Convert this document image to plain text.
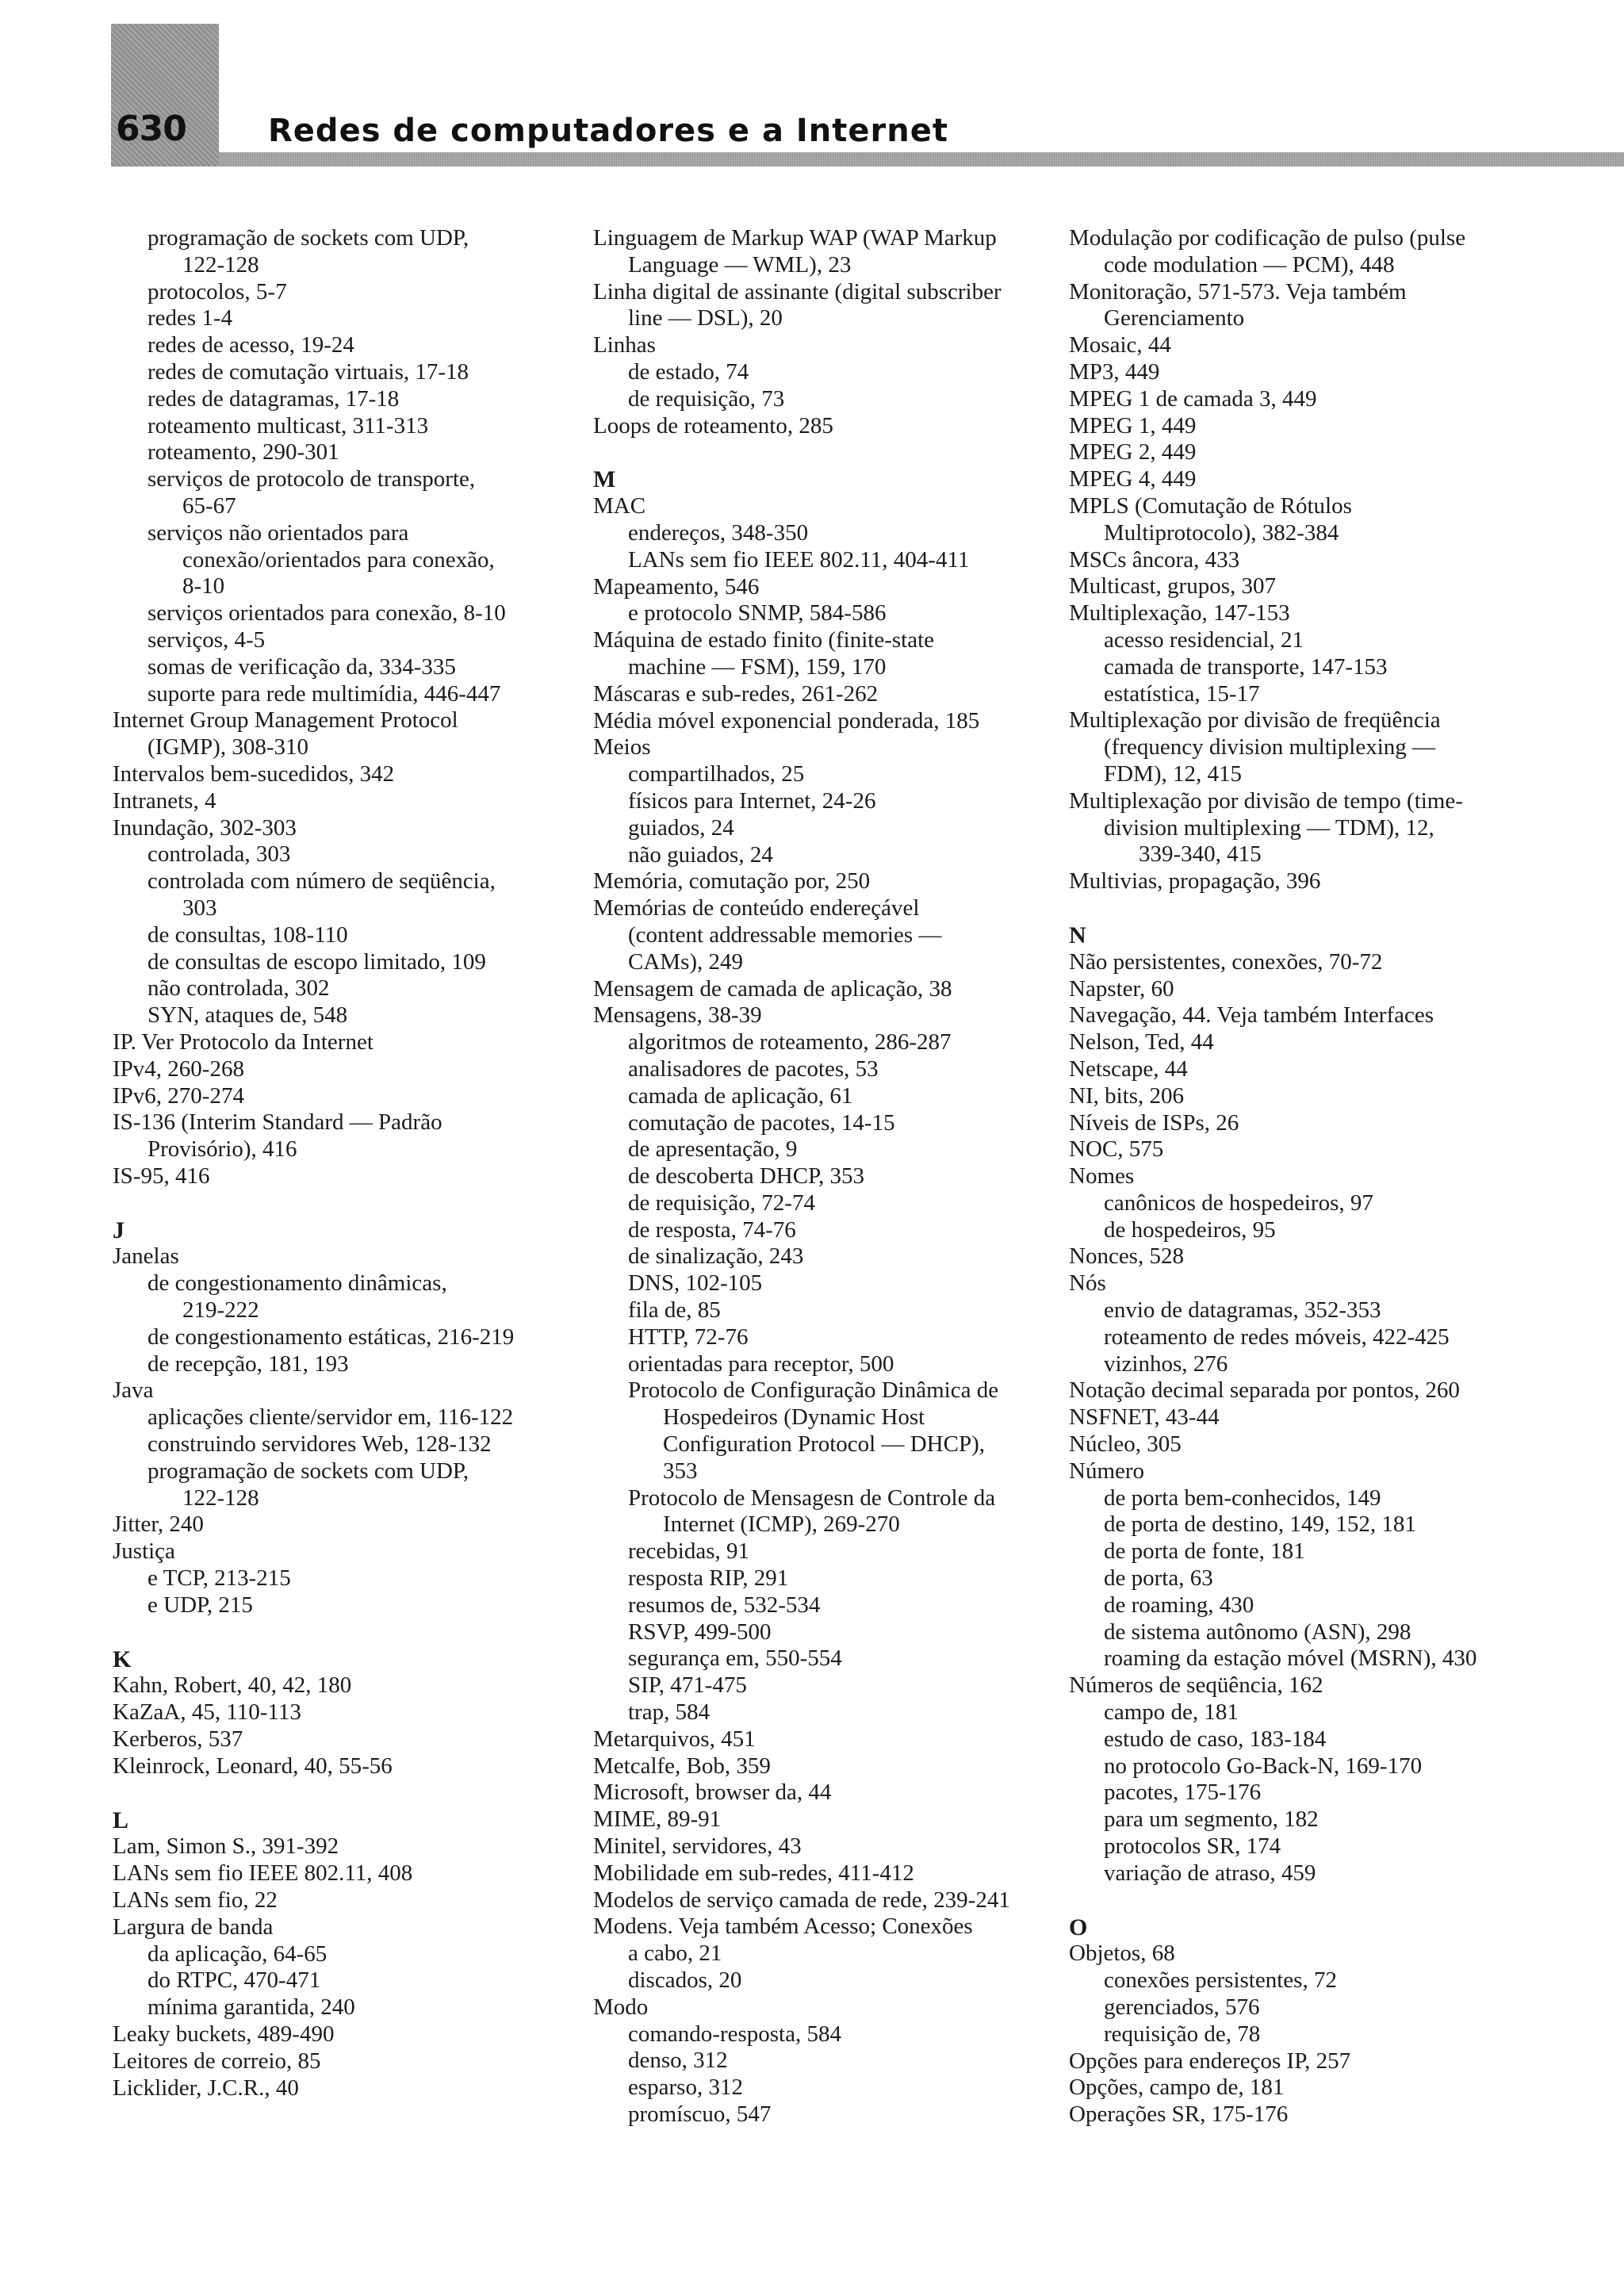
630	Redes de computadores e a Internet
programação de sockets com UDP,
122-128
protocolos, 5-7
redes 1-4
redes de acesso, 19-24
redes de comutação virtuais, 17-18
redes de datagramas, 17-18
roteamento multicast, 311-313
roteamento, 290-301
serviços de protocolo de transporte,
65-67
serviços não orientados para
conexão/orientados para conexão,
8-10
serviços orientados para conexão, 8-10
serviços, 4-5
somas de verificação da, 334-335
suporte para rede multimídia, 446-447
Internet Group Management Protocol
(IGMP), 308-310
Intervalos bem-sucedidos, 342
Intranets, 4
Inundação, 302-303
controlada, 303
controlada com número de seqüência,
303
de consultas, 108-110
de consultas de escopo limitado, 109
não controlada, 302
SYN, ataques de, 548
IP. Ver Protocolo da Internet
IPv4, 260-268
IPv6, 270-274
IS-136 (Interim Standard — Padrão
Provisório), 416
IS-95, 416
J
Janelas
de congestionamento dinâmicas,
219-222
de congestionamento estáticas, 216-219
de recepção, 181, 193
Java
aplicações cliente/servidor em, 116-122
construindo servidores Web, 128-132
programação de sockets com UDP,
122-128
Jitter, 240
Justiça
e TCP, 213-215
e UDP, 215
K
Kahn, Robert, 40, 42, 180
KaZaA, 45, 110-113
Kerberos, 537
Kleinrock, Leonard, 40, 55-56
L
Lam, Simon S., 391-392
LANs sem fio IEEE 802.11, 408
LANs sem fio, 22
Largura de banda
da aplicação, 64-65
do RTPC, 470-471
mínima garantida, 240
Leaky buckets, 489-490
Leitores de correio, 85
Licklider, J.C.R., 40
Linguagem de Markup WAP (WAP Markup
Language — WML), 23
Linha digital de assinante (digital subscriber
line — DSL), 20
Linhas
de estado, 74
de requisição, 73
Loops de roteamento, 285
M
MAC
endereços, 348-350
LANs sem fio IEEE 802.11, 404-411
Mapeamento, 546
e protocolo SNMP, 584-586
Máquina de estado finito (finite-state
machine — FSM), 159, 170
Máscaras e sub-redes, 261-262
Média móvel exponencial ponderada, 185
Meios
compartilhados, 25
físicos para Internet, 24-26
guiados, 24
não guiados, 24
Memória, comutação por, 250
Memórias de conteúdo endereçável
(content addressable memories —
CAMs), 249
Mensagem de camada de aplicação, 38
Mensagens, 38-39
algoritmos de roteamento, 286-287
analisadores de pacotes, 53
camada de aplicação, 61
comutação de pacotes, 14-15
de apresentação, 9
de descoberta DHCP, 353
de requisição, 72-74
de resposta, 74-76
de sinalização, 243
DNS, 102-105
fila de, 85
HTTP, 72-76
orientadas para receptor, 500
Protocolo de Configuração Dinâmica de
Hospedeiros (Dynamic Host
Configuration Protocol — DHCP),
353
Protocolo de Mensagesn de Controle da
Internet (ICMP), 269-270
recebidas, 91
resposta RIP, 291
resumos de, 532-534
RSVP, 499-500
segurança em, 550-554
SIP, 471-475
trap, 584
Metarquivos, 451
Metcalfe, Bob, 359
Microsoft, browser da, 44
MIME, 89-91
Minitel, servidores, 43
Mobilidade em sub-redes, 411-412
Modelos de serviço camada de rede, 239-241
Modens. Veja também Acesso; Conexões
a cabo, 21
discados, 20
Modo
comando-resposta, 584
denso, 312
esparso, 312
promíscuo, 547
Modulação por codificação de pulso (pulse
code modulation — PCM), 448
Monitoração, 571-573. Veja também
Gerenciamento
Mosaic, 44
MP3, 449
MPEG 1 de camada 3, 449
MPEG 1, 449
MPEG 2, 449
MPEG 4, 449
MPLS (Comutação de Rótulos
Multiprotocolo), 382-384
MSCs âncora, 433
Multicast, grupos, 307
Multiplexação, 147-153
acesso residencial, 21
camada de transporte, 147-153
estatística, 15-17
Multiplexação por divisão de freqüência
(frequency division multiplexing —
FDM), 12, 415
Multiplexação por divisão de tempo (time-
division multiplexing — TDM), 12,
339-340, 415
Multivias, propagação, 396
N
Não persistentes, conexões, 70-72
Napster, 60
Navegação, 44. Veja também Interfaces
Nelson, Ted, 44
Netscape, 44
NI, bits, 206
Níveis de ISPs, 26
NOC, 575
Nomes
canônicos de hospedeiros, 97
de hospedeiros, 95
Nonces, 528
Nós
envio de datagramas, 352-353
roteamento de redes móveis, 422-425
vizinhos, 276
Notação decimal separada por pontos, 260
NSFNET, 43-44
Núcleo, 305
Número
de porta bem-conhecidos, 149
de porta de destino, 149, 152, 181
de porta de fonte, 181
de porta, 63
de roaming, 430
de sistema autônomo (ASN), 298
roaming da estação móvel (MSRN), 430
Números de seqüência, 162
campo de, 181
estudo de caso, 183-184
no protocolo Go-Back-N, 169-170
pacotes, 175-176
para um segmento, 182
protocolos SR, 174
variação de atraso, 459
O
Objetos, 68
conexões persistentes, 72
gerenciados, 576
requisição de, 78
Opções para endereços IP, 257
Opções, campo de, 181
Operações SR, 175-176
